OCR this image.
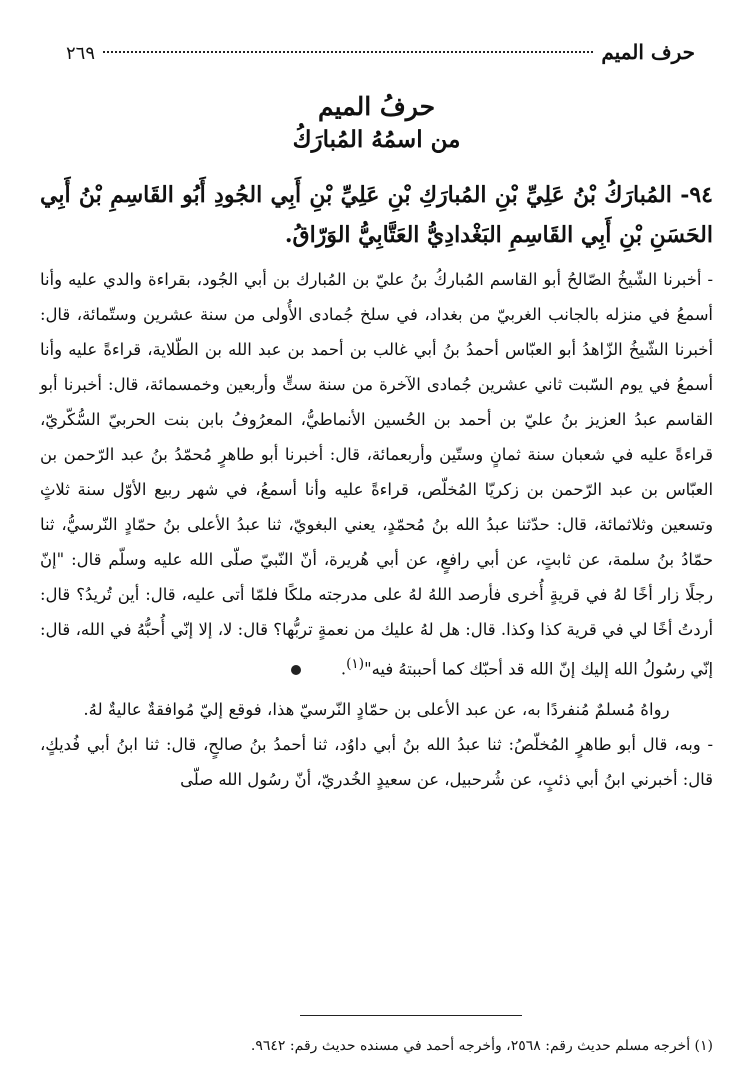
حرف الميم
٢٦٩
حرفُ الميم
من اسمُهُ المُبارَكُ
٩٤- المُبارَكُ بْنُ عَلِيِّ بْنِ المُبارَكِ بْنِ عَلِيِّ بْنِ أَبِي الجُودِ أَبُو القَاسِمِ بْنُ أَبِي الحَسَنِ بْنِ أَبِي القَاسِمِ البَغْدادِيُّ العَتَّابِيُّ الوَرّاقُ.

- أخبرنا الشّيخُ الصّالحُ أبو القاسم المُباركُ بنُ عليّ بن المُبارك بن أبي الجُود، بقراءة والدي عليه وأنا أسمعُ في منزله بالجانب الغربيّ من بغداد، في سلخ جُمادى الأُولى من سنة عشرين وستّمائة، قال: أخبرنا الشّيخُ الزّاهدُ أبو العبّاس أحمدُ بنُ أبي غالب بن أحمد بن عبد الله بن الطّلاية، قراءةً عليه وأنا أسمعُ في يوم السّبت ثاني عشرين جُمادى الآخرة من سنة ستٍّ وأربعين وخمسمائة، قال: أخبرنا أبو القاسم عبدُ العزيز بنُ عليّ بن أحمد بن الحُسين الأنماطيُّ، المعرُوفُ بابن بنت الحربيّ السُّكّريّ، قراءةً عليه في شعبان سنة ثمانٍ وستّين وأربعمائة، قال: أخبرنا أبو طاهرٍ مُحمّدُ بنُ عبد الرّحمن بن العبّاس بن عبد الرّحمن بن زكريّا المُخلّص، قراءةً عليه وأنا أسمعُ، في شهر ربيع الأوّل سنة ثلاثٍ وتسعين وثلاثمائة، قال: حدّثنا عبدُ الله بنُ مُحمّدٍ، يعني البغويّ، ثنا عبدُ الأعلى بنُ حمّادٍ النّرسيُّ، ثنا حمّادُ بنُ سلمة، عن ثابتٍ، عن أبي رافعٍ، عن أبي هُريرة، أنّ النّبيّ صلّى الله عليه وسلّم قال: "إنّ رجلًا زار أخًا لهُ في قريةٍ أُخرى فأرصد اللهُ لهُ على مدرجته ملكًا فلمّا أتى عليه، قال: أين تُريدُ؟ قال: أردتُ أخًا لي في قرية كذا وكذا. قال: هل لهُ عليك من نعمةٍ تربُّها؟ قال: لا، إلا إنّي أُحبُّهُ في الله، قال: إنّي رسُولُ الله إليك إنّ الله قد أحبّك كما أحببتهُ فيه"$^{(١)}$.

رواهُ مُسلمٌ مُنفردًا به، عن عبد الأعلى بن حمّادٍ النّرسيّ هذا، فوقع إليّ مُوافقةٌ عاليةٌ لهُ.

- وبه، قال أبو طاهرٍ المُخلّصُ: ثنا عبدُ الله بنُ أبي داوُد، ثنا أحمدُ بنُ صالحٍ، قال: ثنا ابنُ أبي فُديكٍ، قال: أخبرني ابنُ أبي ذئبٍ، عن شُرحبيل، عن سعيدٍ الخُدريّ، أنّ رسُول الله صلّى

(١) أخرجه مسلم حديث رقم: ٢٥٦٨، وأخرجه أحمد في مسنده حديث رقم: ٩٦٤٢.
